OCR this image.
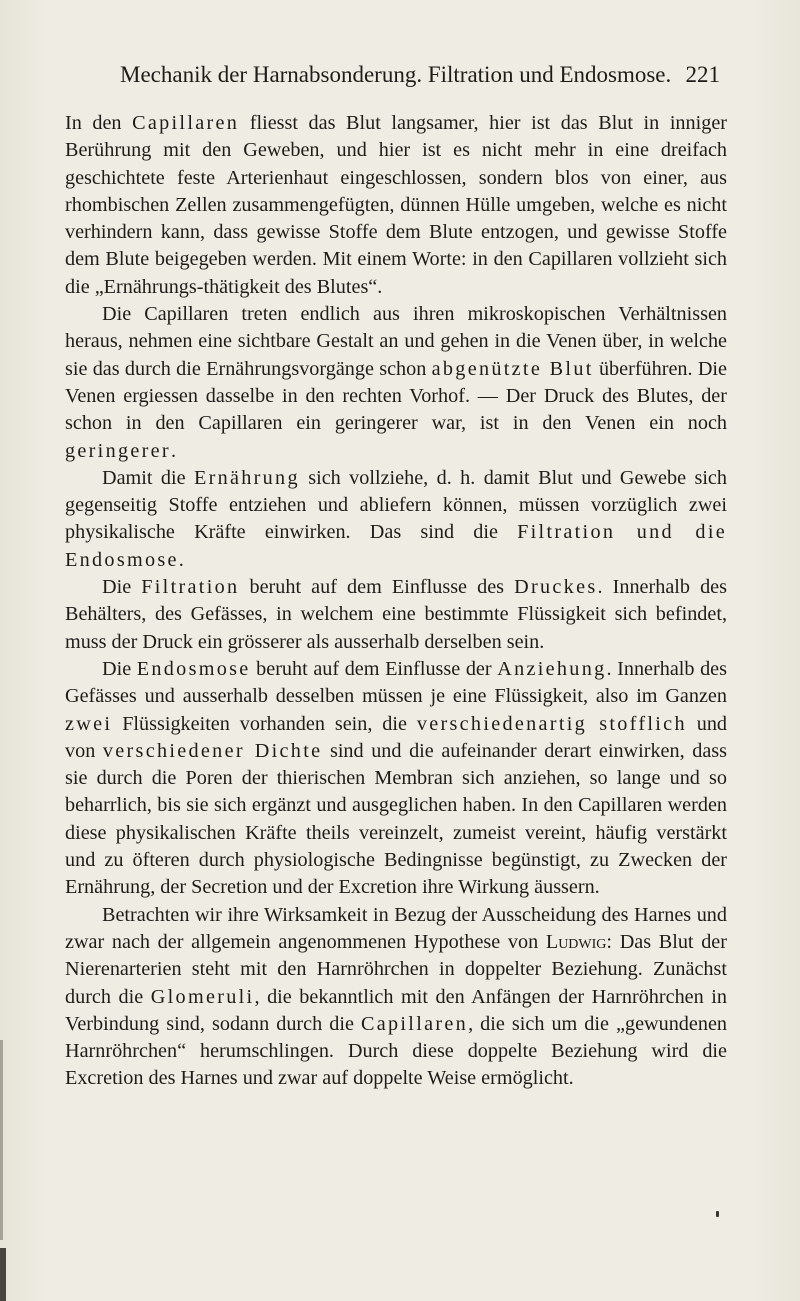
Mechanik der Harnabsonderung. Filtration und Endosmose. 221

In den Capillaren fliesst das Blut langsamer, hier ist das Blut in inniger Berührung mit den Geweben, und hier ist es nicht mehr in eine dreifach geschichtete feste Arterienhaut eingeschlossen, sondern blos von einer, aus rhombischen Zellen zusammengefügten, dünnen Hülle umgeben, welche es nicht verhindern kann, dass gewisse Stoffe dem Blute entzogen, und gewisse Stoffe dem Blute beigegeben werden. Mit einem Worte: in den Capillaren vollzieht sich die „Ernährungs-thätigkeit des Blutes“.

Die Capillaren treten endlich aus ihren mikroskopischen Verhältnissen heraus, nehmen eine sichtbare Gestalt an und gehen in die Venen über, in welche sie das durch die Ernährungsvorgänge schon abgenützte Blut überführen. Die Venen ergiessen dasselbe in den rechten Vorhof. — Der Druck des Blutes, der schon in den Capillaren ein geringerer war, ist in den Venen ein noch geringerer.

Damit die Ernährung sich vollziehe, d. h. damit Blut und Gewebe sich gegenseitig Stoffe entziehen und abliefern können, müssen vorzüglich zwei physikalische Kräfte einwirken. Das sind die Filtration und die Endosmose.

Die Filtration beruht auf dem Einflusse des Druckes. Innerhalb des Behälters, des Gefässes, in welchem eine bestimmte Flüssigkeit sich befindet, muss der Druck ein grösserer als ausserhalb derselben sein.

Die Endosmose beruht auf dem Einflusse der Anziehung. Innerhalb des Gefässes und ausserhalb desselben müssen je eine Flüssigkeit, also im Ganzen zwei Flüssigkeiten vorhanden sein, die verschiedenartig stofflich und von verschiedener Dichte sind und die aufeinander derart einwirken, dass sie durch die Poren der thierischen Membran sich anziehen, so lange und so beharrlich, bis sie sich ergänzt und ausgeglichen haben. In den Capillaren werden diese physikalischen Kräfte theils vereinzelt, zumeist vereint, häufig verstärkt und zu öfteren durch physiologische Bedingnisse begünstigt, zu Zwecken der Ernährung, der Secretion und der Excretion ihre Wirkung äussern.

Betrachten wir ihre Wirksamkeit in Bezug der Ausscheidung des Harnes und zwar nach der allgemein angenommenen Hypothese von Ludwig: Das Blut der Nierenarterien steht mit den Harnröhrchen in doppelter Beziehung. Zunächst durch die Glomeruli, die bekanntlich mit den Anfängen der Harnröhrchen in Verbindung sind, sodann durch die Capillaren, die sich um die „gewundenen Harnröhrchen“ herumschlingen. Durch diese doppelte Beziehung wird die Excretion des Harnes und zwar auf doppelte Weise ermöglicht.
